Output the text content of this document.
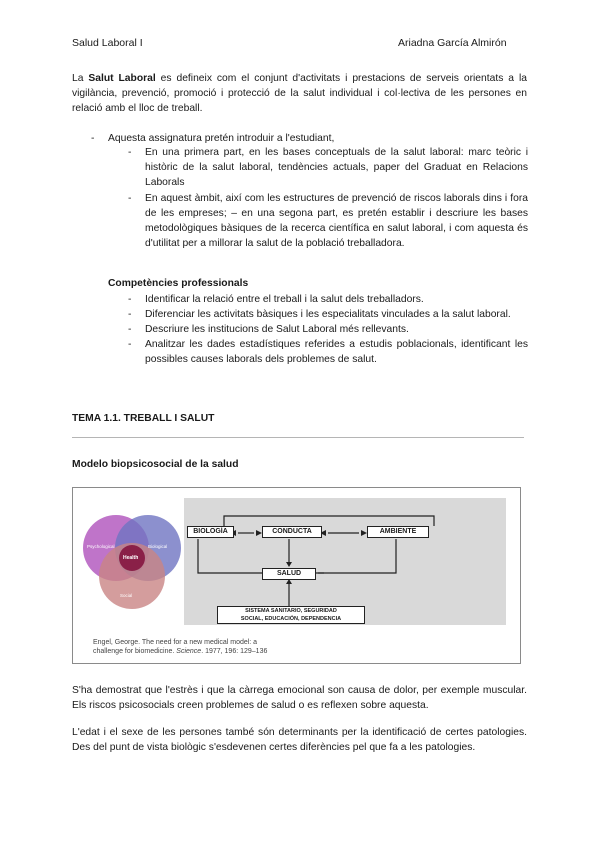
Salud Laboral I	Ariadna García Almirón
La Salut Laboral es defineix com el conjunt d'activitats i prestacions de serveis orientats a la vigilància, prevenció, promoció i protecció de la salut individual i col·lectiva de les persones en relació amb el lloc de treball.
- Aquesta assignatura pretén introduir a l'estudiant,
- En una primera part, en les bases conceptuals de la salut laboral: marc teòric i històric de la salut laboral, tendències actuals, paper del Graduat en Relacions Laborals
- En aquest àmbit, així com les estructures de prevenció de riscos laborals dins i fora de les empreses; – en una segona part, es pretén establir i descriure les bases metodològiques bàsiques de la recerca científica en salut laboral, i com aquesta és d'utilitat per a millorar la salut de la població treballadora.
Competències professionals
- Identificar la relació entre el treball i la salut dels treballadors.
- Diferenciar les activitats bàsiques i les especialitats vinculades a la salut laboral.
- Descriure les institucions de Salut Laboral més rellevants.
- Analitzar les dades estadístiques referides a estudis poblacionals, identificant les possibles causes laborals dels problemes de salut.
TEMA 1.1. TREBALL I SALUT
Modelo biopsicosocial de la salud
Psychological	Biological
Health
Social
BIOLOGÍA	CONDUCTA	AMBIENTE
SALUD
SISTEMA SANITARIO, SEGURIDAD
SOCIAL, EDUCACIÓN, DEPENDENCIA
Engel, George. The need for a new medical model: a
challenge for biomedicine. Science. 1977, 196: 129–136
S'ha demostrat que l'estrès i que la càrrega emocional son causa de dolor, per exemple muscular. Els riscos psicosocials creen problemes de salud o es reflexen sobre aquesta.
L'edat i el sexe de les persones també són determinants per la identificació de certes patologies. Des del punt de vista biològic s'esdevenen certes diferències pel que fa a les patologies.
